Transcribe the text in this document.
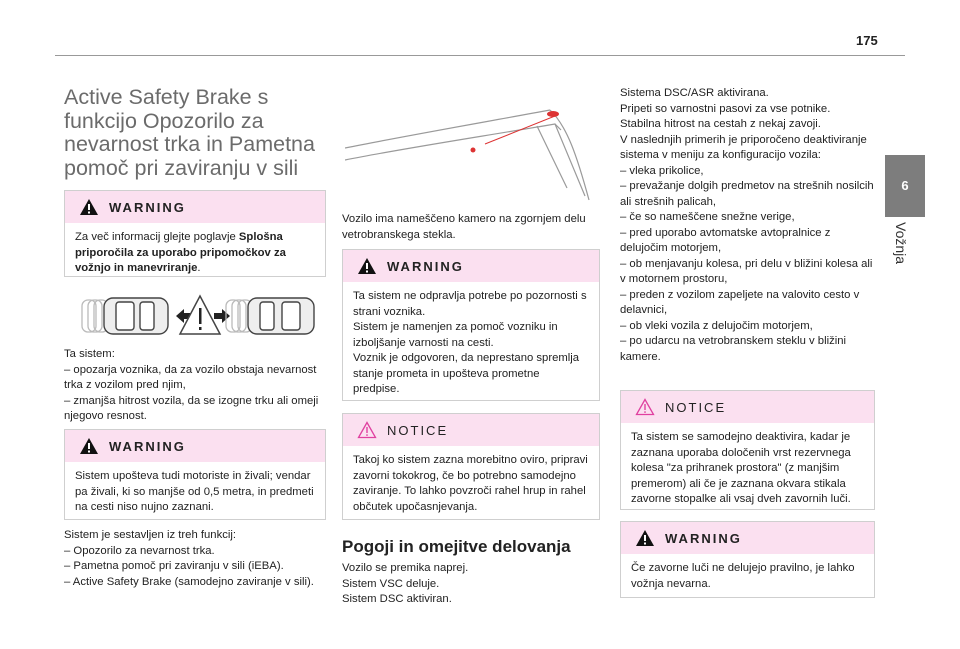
175
6
Vožnja
Active Safety Brake s funkcijo Opozorilo za nevarnost trka in Pametna pomoč pri zaviranju v sili
WARNING
Za več informacij glejte poglavje Splošna priporočila za uporabo pripomočkov za vožnjo in manevriranje.
Ta sistem:
– opozarja voznika, da za vozilo obstaja nevarnost trka z vozilom pred njim,
– zmanjša hitrost vozila, da se izogne trku ali omeji njegovo resnost.
WARNING
Sistem upošteva tudi motoriste in živali; vendar pa živali, ki so manjše od 0,5 metra, in predmeti na cesti niso nujno zaznani.
Sistem je sestavljen iz treh funkcij:
– Opozorilo za nevarnost trka.
– Pametna pomoč pri zaviranju v sili (iEBA).
– Active Safety Brake (samodejno zaviranje v sili).
Vozilo ima nameščeno kamero na zgornjem delu vetrobranskega stekla.
WARNING
Ta sistem ne odpravlja potrebe po pozornosti s strani voznika.
Sistem je namenjen za pomoč vozniku in izboljšanje varnosti na cesti.
Voznik je odgovoren, da neprestano spremlja stanje prometa in upošteva prometne predpise.
NOTICE
Takoj ko sistem zazna morebitno oviro, pripravi zavorni tokokrog, če bo potrebno samodejno zaviranje. To lahko povzroči rahel hrup in rahel občutek upočasnjevanja.
Pogoji in omejitve delovanja
Vozilo se premika naprej.
Sistem VSC deluje.
Sistem DSC aktiviran.
Sistema DSC/ASR aktivirana.
Pripeti so varnostni pasovi za vse potnike.
Stabilna hitrost na cestah z nekaj zavoji.
V naslednjih primerih je priporočeno deaktiviranje sistema v meniju za konfiguracijo vozila:
– vleka prikolice,
– prevažanje dolgih predmetov na strešnih nosilcih ali strešnih palicah,
– če so nameščene snežne verige,
– pred uporabo avtomatske avtopralnice z delujočim motorjem,
– ob menjavanju kolesa, pri delu v bližini kolesa ali v motornem prostoru,
– preden z vozilom zapeljete na valovito cesto v delavnici,
– ob vleki vozila z delujočim motorjem,
– po udarcu na vetrobranskem steklu v bližini kamere.
NOTICE
Ta sistem se samodejno deaktivira, kadar je zaznana uporaba določenih vrst rezervnega kolesa "za prihranek prostora" (z manjšim premerom) ali če je zaznana okvara stikala zavorne stopalke ali vsaj dveh zavornih luči.
WARNING
Če zavorne luči ne delujejo pravilno, je lahko vožnja nevarna.
